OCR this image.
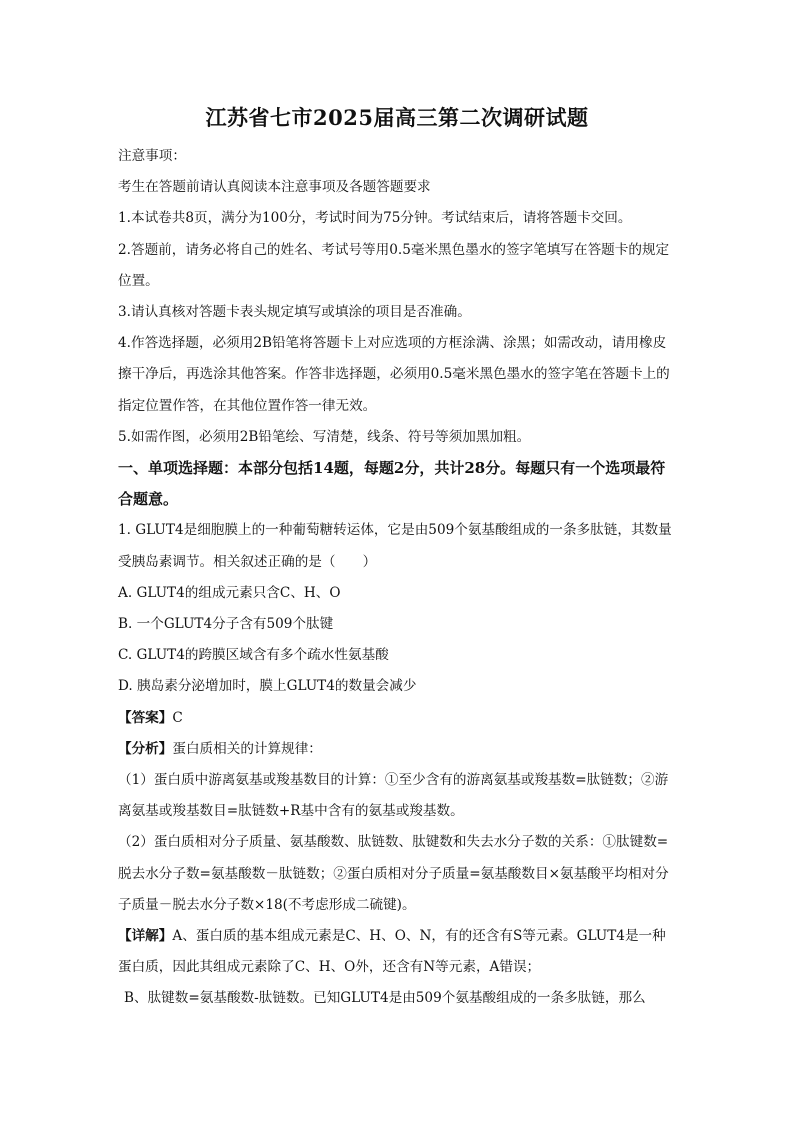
江苏省七市2025届高三第二次调研试题

注意事项：

考生在答题前请认真阅读本注意事项及各题答题要求

1.本试卷共8页，满分为100分，考试时间为75分钟。考试结束后，请将答题卡交回。

2.答题前，请务必将自己的姓名、考试号等用0.5毫米黑色墨水的签字笔填写在答题卡的规定位置。

3.请认真核对答题卡表头规定填写或填涂的项目是否准确。

4.作答选择题，必须用2B铅笔将答题卡上对应选项的方框涂满、涂黑；如需改动，请用橡皮擦干净后，再选涂其他答案。作答非选择题，必须用0.5毫米黑色墨水的签字笔在答题卡上的指定位置作答，在其他位置作答一律无效。

5.如需作图，必须用2B铅笔绘、写清楚，线条、符号等须加黑加粗。

一、单项选择题：本部分包括14题，每题2分，共计28分。每题只有一个选项最符合题意。

1. GLUT4是细胞膜上的一种葡萄糖转运体，它是由509个氨基酸组成的一条多肽链，其数量受胰岛素调节。相关叙述正确的是（　　）

A. GLUT4的组成元素只含C、H、O

B. 一个GLUT4分子含有509个肽键

C. GLUT4的跨膜区域含有多个疏水性氨基酸

D. 胰岛素分泌增加时，膜上GLUT4的数量会减少

【答案】C

【分析】蛋白质相关的计算规律：

（1）蛋白质中游离氨基或羧基数目的计算：①至少含有的游离氨基或羧基数=肽链数；②游离氨基或羧基数目=肽链数+R基中含有的氨基或羧基数。

（2）蛋白质相对分子质量、氨基酸数、肽链数、肽键数和失去水分子数的关系：①肽键数=脱去水分子数=氨基酸数－肽链数；②蛋白质相对分子质量=氨基酸数目×氨基酸平均相对分子质量－脱去水分子数×18(不考虑形成二硫键)。

【详解】A、蛋白质的基本组成元素是C、H、O、N，有的还含有S等元素。GLUT4是一种蛋白质，因此其组成元素除了C、H、O外，还含有N等元素，A错误；

B、肽键数=氨基酸数-肽链数。已知GLUT4是由509个氨基酸组成的一条多肽链，那么
